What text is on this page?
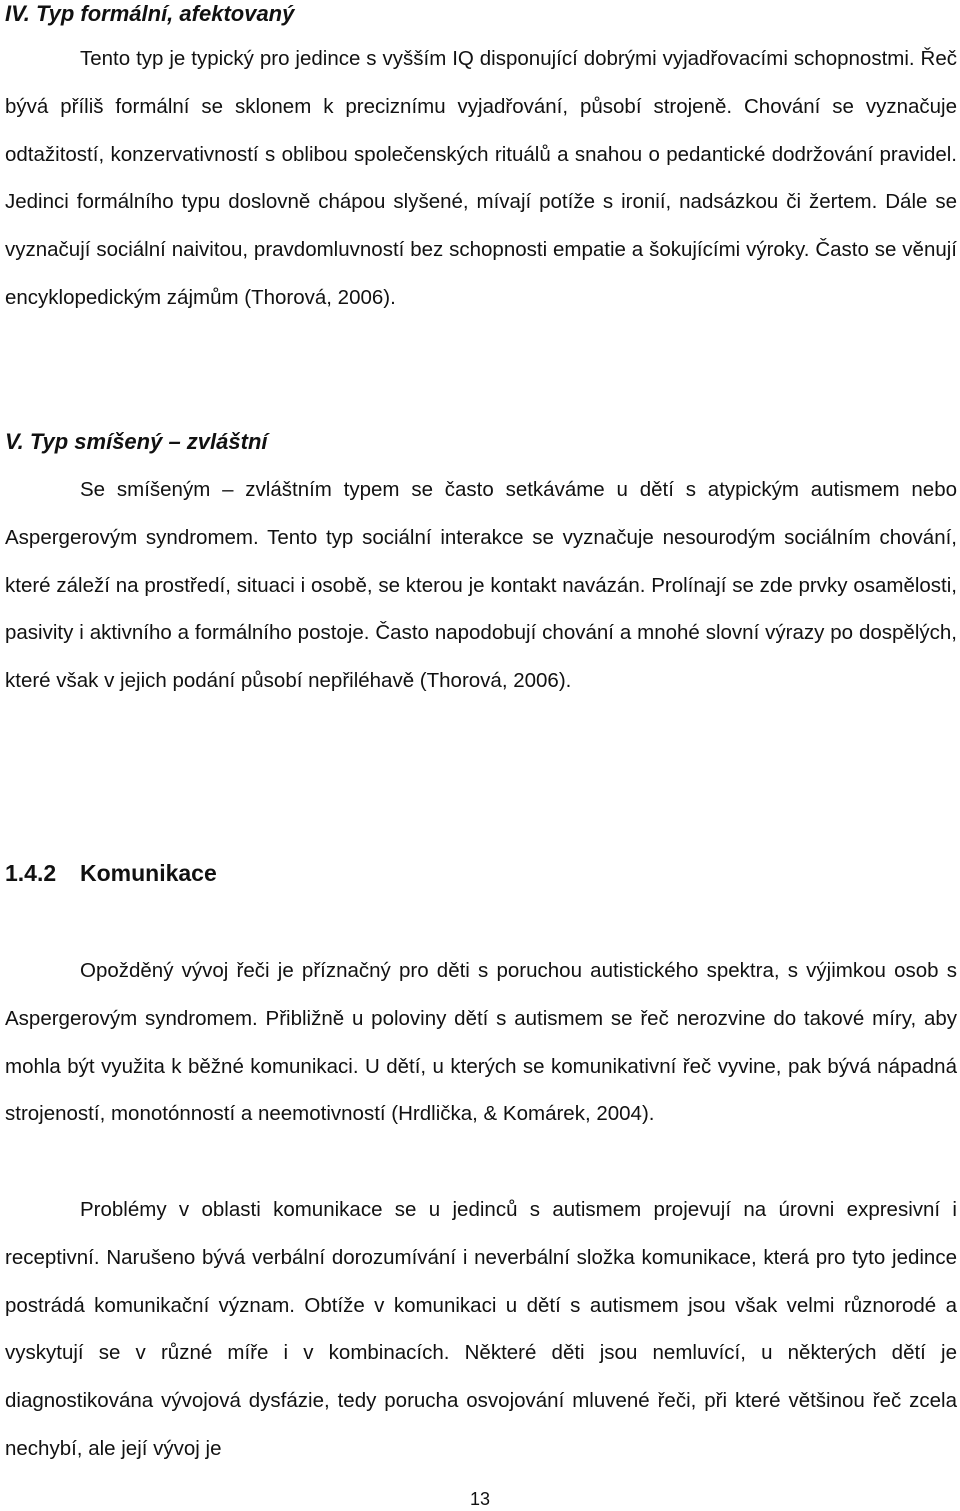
IV. Typ formální, afektovaný

Tento typ je typický pro jedince s vyšším IQ disponující dobrými vyjadřovacími schopnostmi. Řeč bývá příliš formální se sklonem k preciznímu vyjadřování, působí strojeně. Chování se vyznačuje odtažitostí, konzervativností s oblibou společenských rituálů a snahou o pedantické dodržování pravidel. Jedinci formálního typu doslovně chápou slyšené, mívají potíže s ironií, nadsázkou či žertem. Dále se vyznačují sociální naivitou, pravdomluvností bez schopnosti empatie a šokujícími výroky. Často se věnují encyklopedickým zájmům (Thorová, 2006).

V. Typ smíšený – zvláštní

Se smíšeným – zvláštním typem se často setkáváme u dětí s atypickým autismem nebo Aspergerovým syndromem. Tento typ sociální interakce se vyznačuje nesourodým sociálním chování, které záleží na prostředí, situaci i osobě, se kterou je kontakt navázán. Prolínají se zde prvky osamělosti, pasivity i aktivního a formálního postoje. Často napodobují chování a mnohé slovní výrazy po dospělých, které však v jejich podání působí nepřiléhavě (Thorová, 2006).

1.4.2 Komunikace

Opožděný vývoj řeči je příznačný pro děti s poruchou autistického spektra, s výjimkou osob s Aspergerovým syndromem. Přibližně u poloviny dětí s autismem se řeč nerozvine do takové míry, aby mohla být využita k běžné komunikaci. U dětí, u kterých se komunikativní řeč vyvine, pak bývá nápadná strojeností, monotónností a neemotivností (Hrdlička, & Komárek, 2004).

Problémy v oblasti komunikace se u jedinců s autismem projevují na úrovni expresivní i receptivní. Narušeno bývá verbální dorozumívání i neverbální složka komunikace, která pro tyto jedince postrádá komunikační význam. Obtíže v komunikaci u dětí s autismem jsou však velmi různorodé a vyskytují se v různé míře i v kombinacích. Některé děti jsou nemluvící, u některých dětí je diagnostikována vývojová dysfázie, tedy porucha osvojování mluvené řeči, při které většinou řeč zcela nechybí, ale její vývoj je

13
